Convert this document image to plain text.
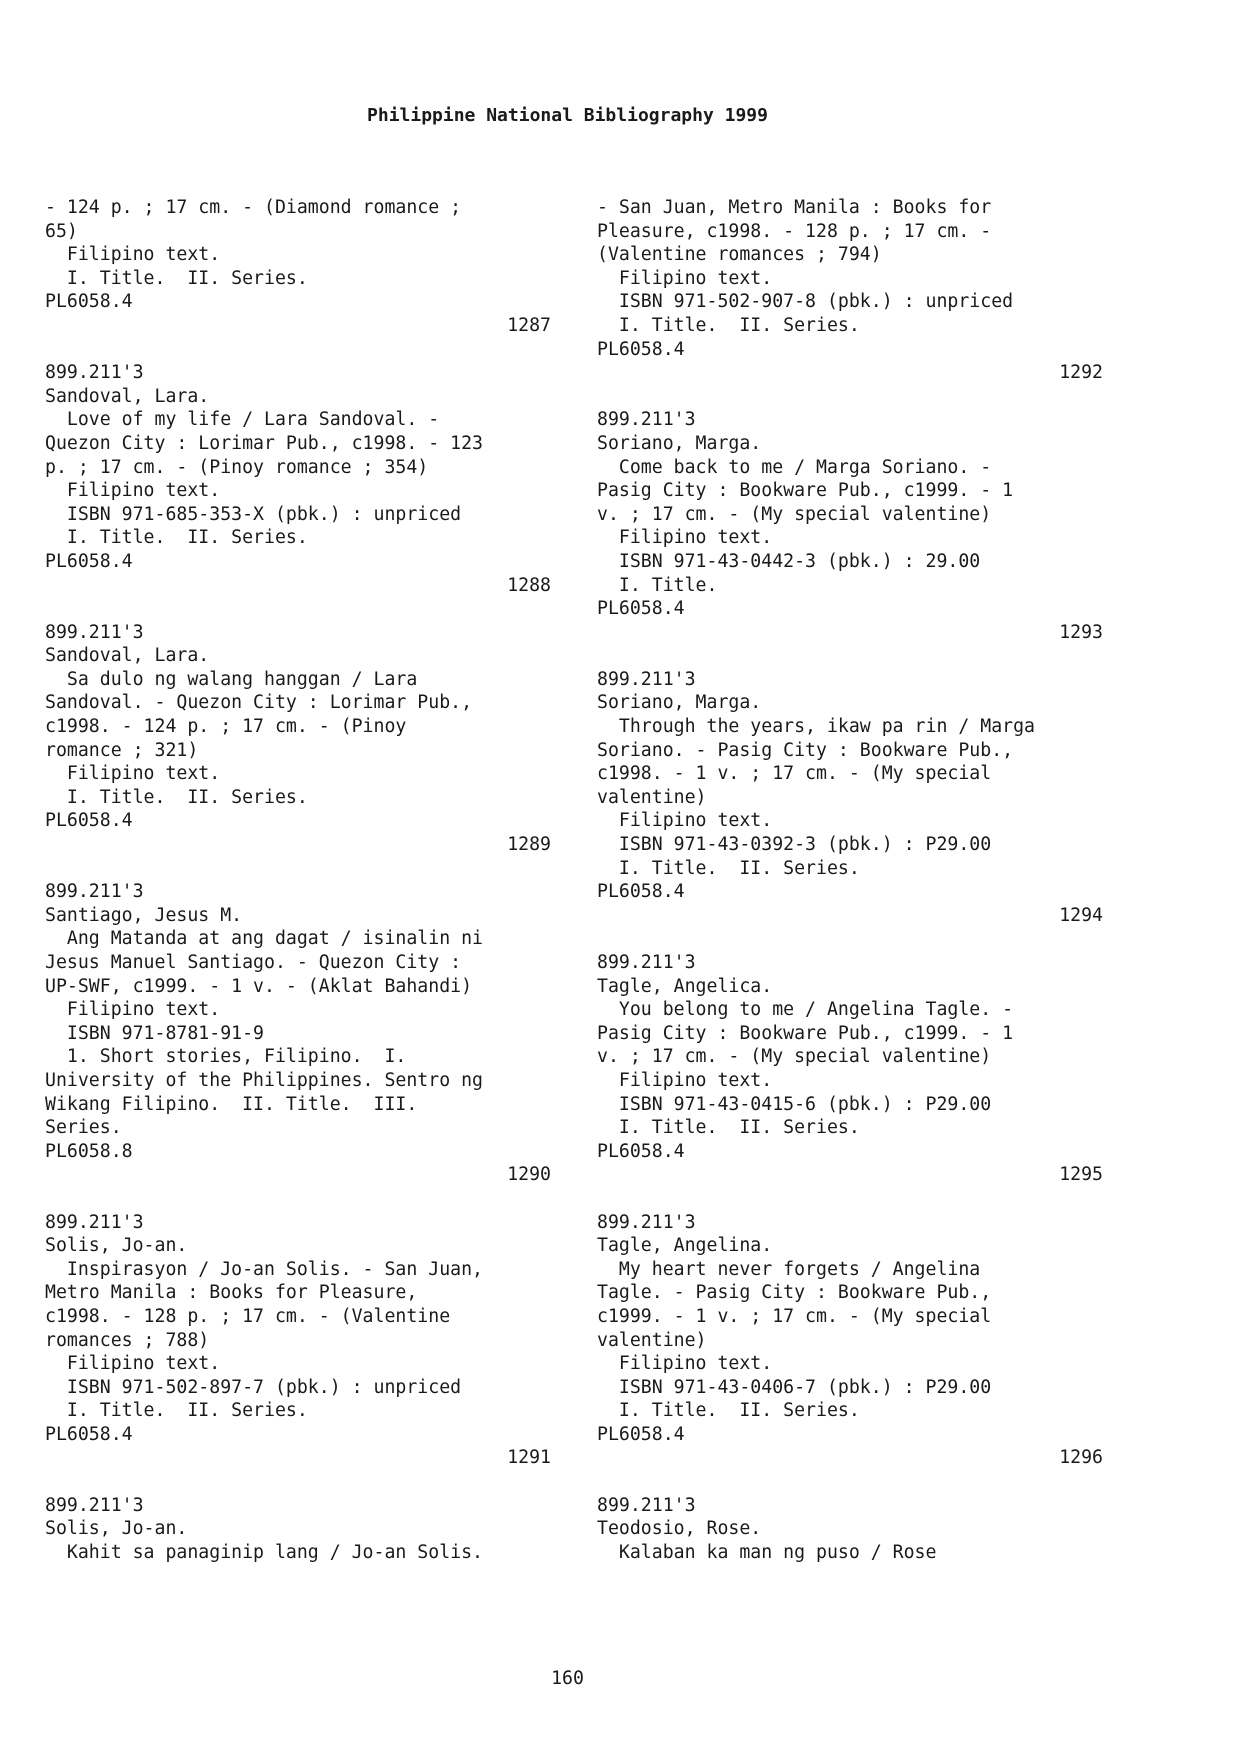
Philippine National Bibliography 1999
- 124 p. ; 17 cm. - (Diamond romance ;
65)
Filipino text.
I. Title.  II. Series.
PL6058.4
1287
899.211'3
Sandoval, Lara.
Love of my life / Lara Sandoval. -
Quezon City : Lorimar Pub., c1998. - 123
p. ; 17 cm. - (Pinoy romance ; 354)
Filipino text.
ISBN 971-685-353-X (pbk.) : unpriced
I. Title.  II. Series.
PL6058.4
1288
899.211'3
Sandoval, Lara.
Sa dulo ng walang hanggan / Lara
Sandoval. - Quezon City : Lorimar Pub.,
c1998. - 124 p. ; 17 cm. - (Pinoy
romance ; 321)
Filipino text.
I. Title.  II. Series.
PL6058.4
1289
899.211'3
Santiago, Jesus M.
Ang Matanda at ang dagat / isinalin ni
Jesus Manuel Santiago. - Quezon City :
UP-SWF, c1999. - 1 v. - (Aklat Bahandi)
Filipino text.
ISBN 971-8781-91-9
1. Short stories, Filipino.  I.
University of the Philippines. Sentro ng
Wikang Filipino.  II. Title.  III.
Series.
PL6058.8
1290
899.211'3
Solis, Jo-an.
Inspirasyon / Jo-an Solis. - San Juan,
Metro Manila : Books for Pleasure,
c1998. - 128 p. ; 17 cm. - (Valentine
romances ; 788)
Filipino text.
ISBN 971-502-897-7 (pbk.) : unpriced
I. Title.  II. Series.
PL6058.4
1291
899.211'3
Solis, Jo-an.
Kahit sa panaginip lang / Jo-an Solis.
- San Juan, Metro Manila : Books for
Pleasure, c1998. - 128 p. ; 17 cm. -
(Valentine romances ; 794)
Filipino text.
ISBN 971-502-907-8 (pbk.) : unpriced
I. Title.  II. Series.
PL6058.4
1292
899.211'3
Soriano, Marga.
Come back to me / Marga Soriano. -
Pasig City : Bookware Pub., c1999. - 1
v. ; 17 cm. - (My special valentine)
Filipino text.
ISBN 971-43-0442-3 (pbk.) : 29.00
I. Title.
PL6058.4
1293
899.211'3
Soriano, Marga.
Through the years, ikaw pa rin / Marga
Soriano. - Pasig City : Bookware Pub.,
c1998. - 1 v. ; 17 cm. - (My special
valentine)
Filipino text.
ISBN 971-43-0392-3 (pbk.) : P29.00
I. Title.  II. Series.
PL6058.4
1294
899.211'3
Tagle, Angelica.
You belong to me / Angelina Tagle. -
Pasig City : Bookware Pub., c1999. - 1
v. ; 17 cm. - (My special valentine)
Filipino text.
ISBN 971-43-0415-6 (pbk.) : P29.00
I. Title.  II. Series.
PL6058.4
1295
899.211'3
Tagle, Angelina.
My heart never forgets / Angelina
Tagle. - Pasig City : Bookware Pub.,
c1999. - 1 v. ; 17 cm. - (My special
valentine)
Filipino text.
ISBN 971-43-0406-7 (pbk.) : P29.00
I. Title.  II. Series.
PL6058.4
1296
899.211'3
Teodosio, Rose.
Kalaban ka man ng puso / Rose
160
